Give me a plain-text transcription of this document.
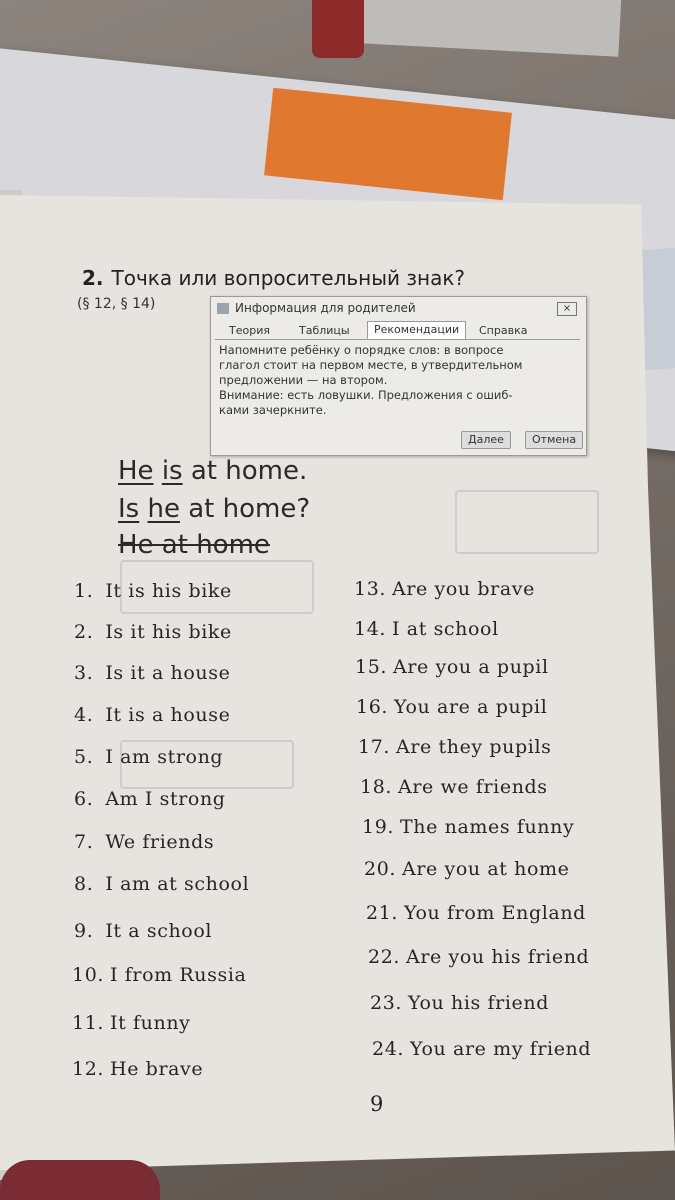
2. Точка или вопросительный знак?
(§ 12, § 14)	Информация для родителей	×
Теория	Таблицы	Рекомендации	Справка
Напомните ребёнку о порядке слов: в вопросе
глагол стоит на первом месте, в утвердительном
предложении — на втором.
Внимание: есть ловушки. Предложения с ошиб-
ками зачеркните.
Далее	Отмена
He is at home.
Is he at home?
He at home
1. It is his bike
2. Is it his bike
3. Is it a house
4. It is a house
5. I am strong
6. Am I strong
7. We friends
8. I am at school
9. It a school
10. I from Russia
11. It funny
12. He brave
13. Are you brave
14. I at school
15. Are you a pupil
16. You are a pupil
17. Are they pupils
18. Are we friends
19. The names funny
20. Are you at home
21. You from England
22. Are you his friend
23. You his friend
24. You are my friend
9
